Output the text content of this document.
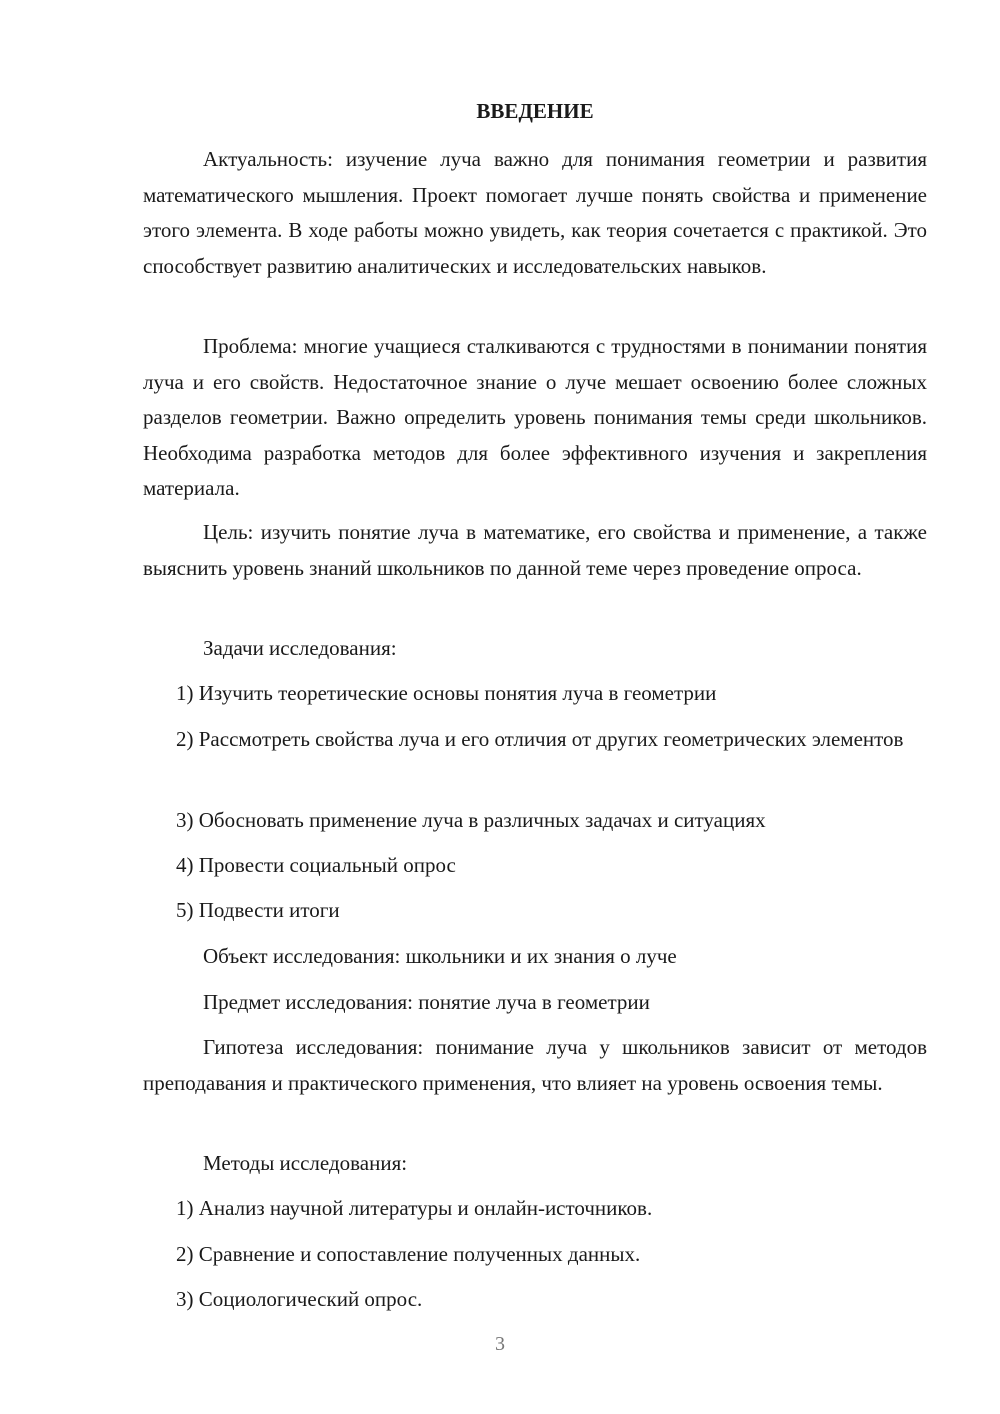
ВВЕДЕНИЕ
Актуальность: изучение луча важно для понимания геометрии и развития математического мышления. Проект помогает лучше понять свойства и применение этого элемента. В ходе работы можно увидеть, как теория сочетается с практикой. Это способствует развитию аналитических и исследовательских навыков.
Проблема: многие учащиеся сталкиваются с трудностями в понимании понятия луча и его свойств. Недостаточное знание о луче мешает освоению более сложных разделов геометрии. Важно определить уровень понимания темы среди школьников. Необходима разработка методов для более эффективного изучения и закрепления материала.
Цель: изучить понятие луча в математике, его свойства и применение, а также выяснить уровень знаний школьников по данной теме через проведение опроса.
Задачи исследования:
1) Изучить теоретические основы понятия луча в геометрии
2) Рассмотреть свойства луча и его отличия от других геометрических элементов
3) Обосновать применение луча в различных задачах и ситуациях
4) Провести социальный опрос
5) Подвести итоги
Объект исследования: школьники и их знания о луче
Предмет исследования: понятие луча в геометрии
Гипотеза исследования: понимание луча у школьников зависит от методов преподавания и практического применения, что влияет на уровень освоения темы.
Методы исследования:
1) Анализ научной литературы и онлайн-источников.
2) Сравнение и сопоставление полученных данных.
3) Социологический опрос.
3
